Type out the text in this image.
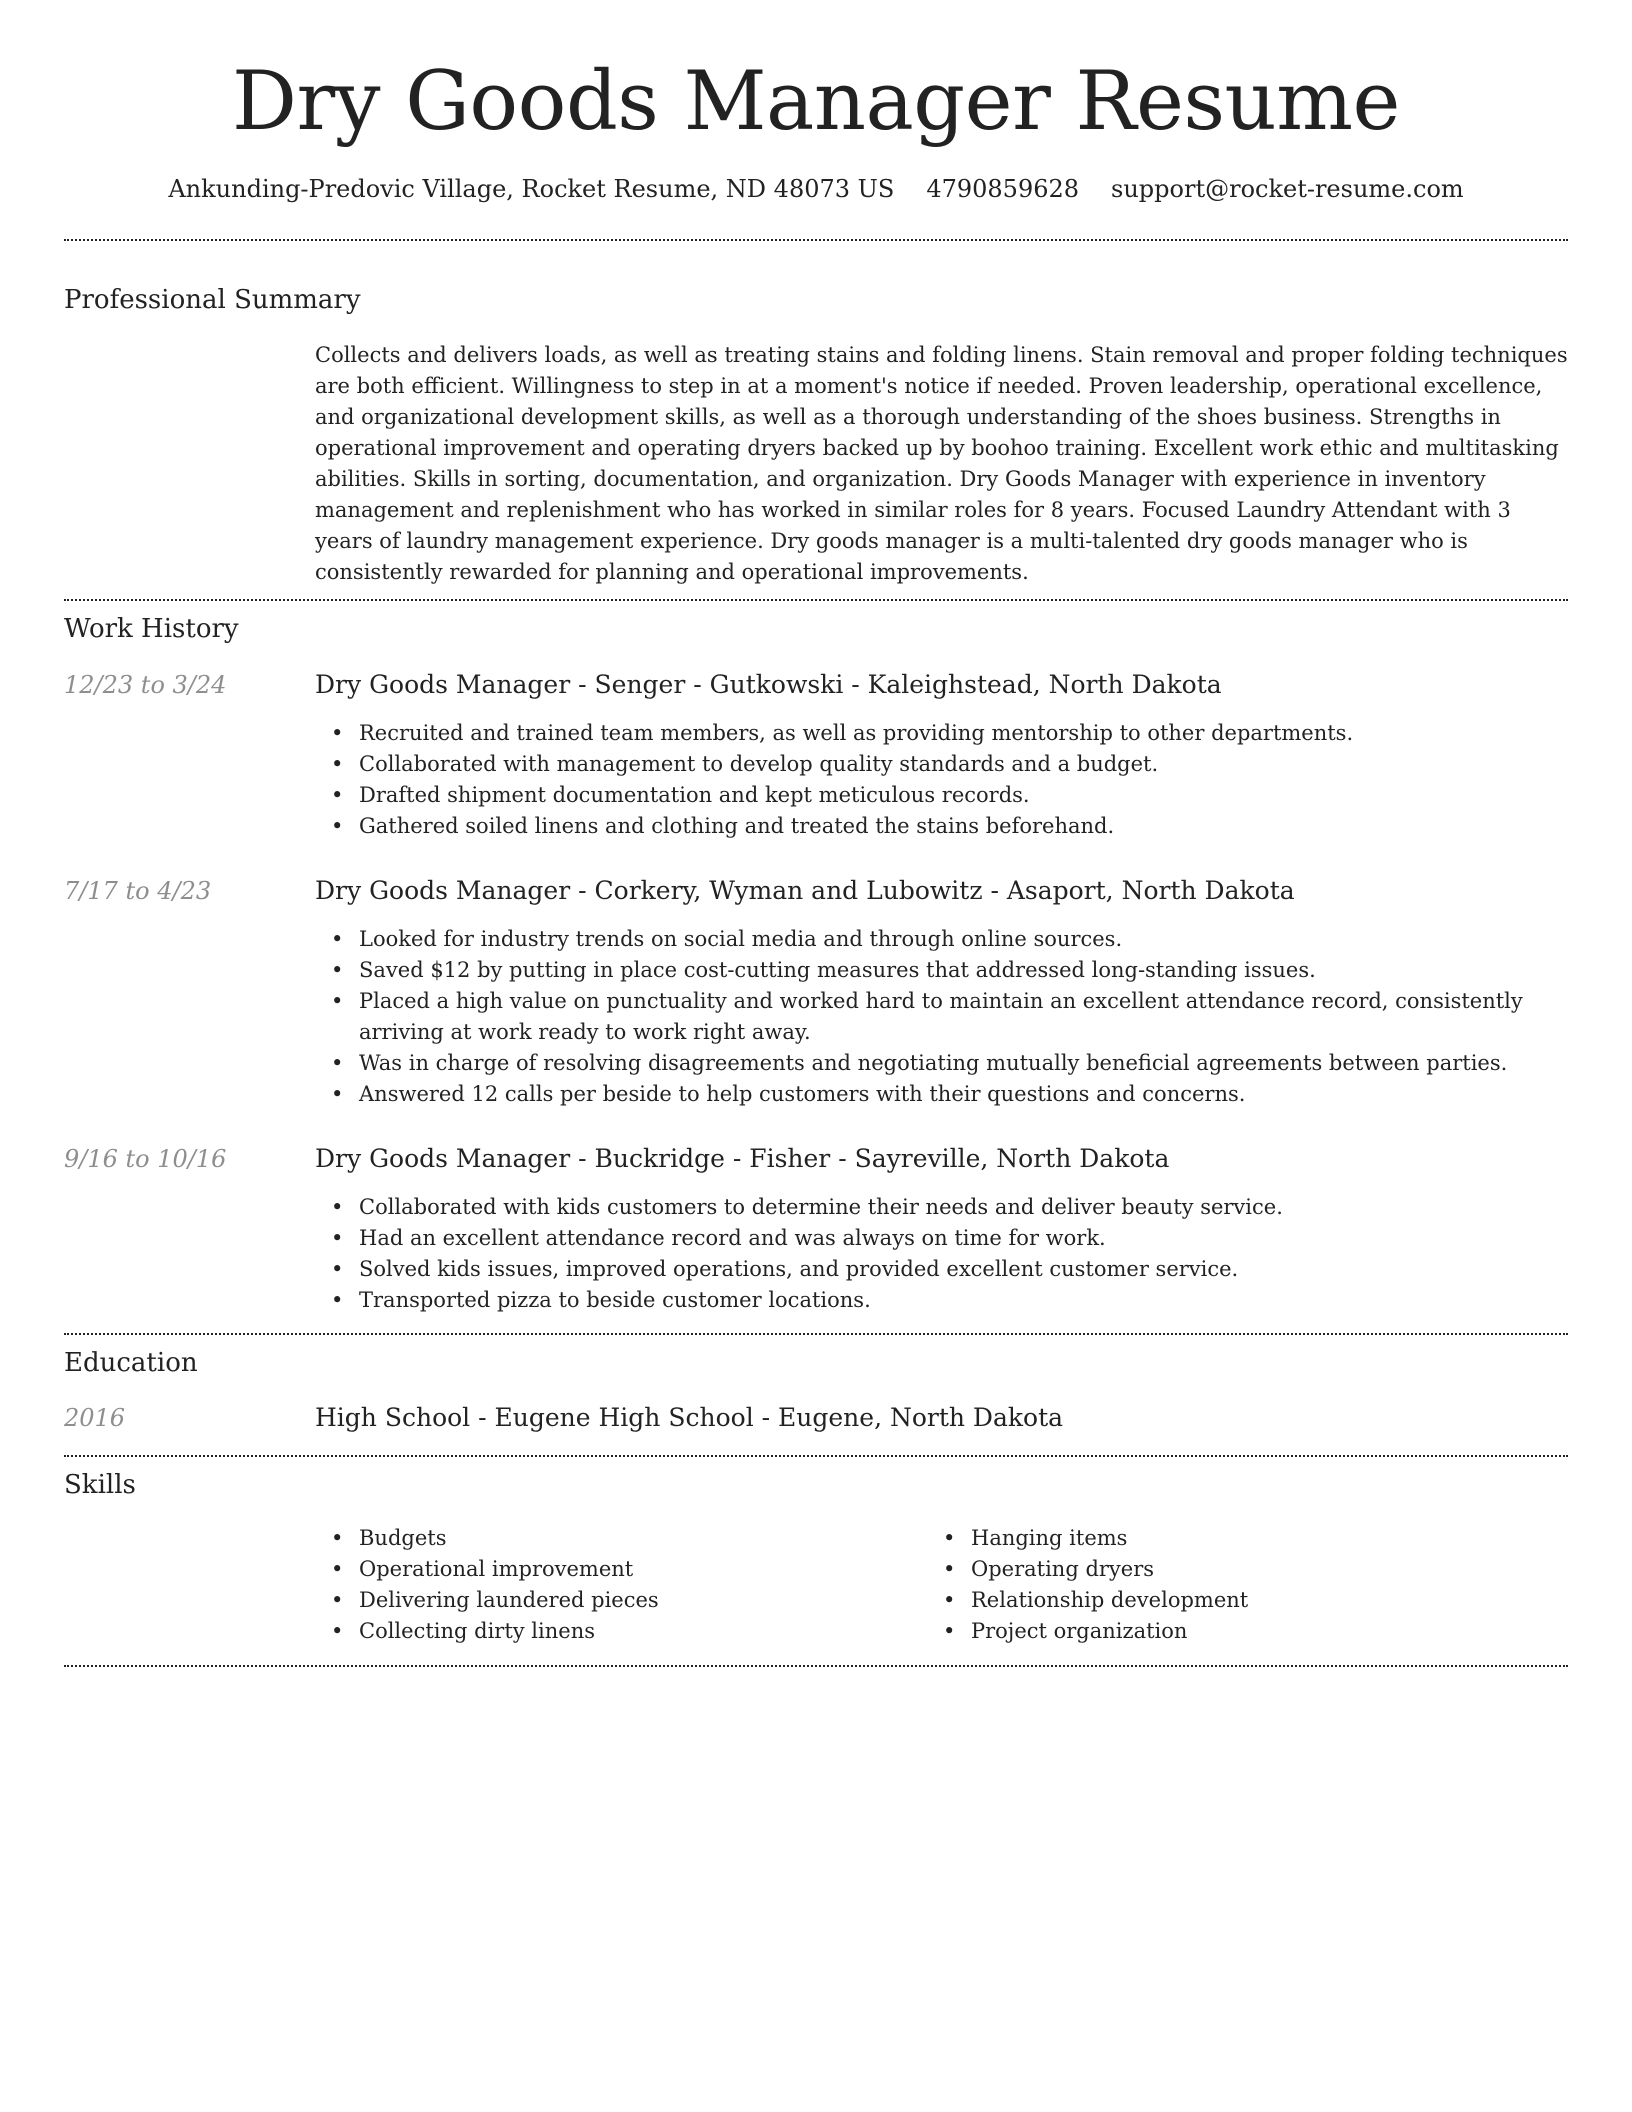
Dry Goods Manager Resume
Ankunding-Predovic Village, Rocket Resume, ND 48073 US 4790859628 support@rocket-resume.com
Professional Summary

Collects and delivers loads, as well as treating stains and folding linens. Stain removal and proper folding techniques are both efficient. Willingness to step in at a moment's notice if needed. Proven leadership, operational excellence, and organizational development skills, as well as a thorough understanding of the shoes business. Strengths in operational improvement and operating dryers backed up by boohoo training. Excellent work ethic and multitasking abilities. Skills in sorting, documentation, and organization. Dry Goods Manager with experience in inventory management and replenishment who has worked in similar roles for 8 years. Focused Laundry Attendant with 3 years of laundry management experience. Dry goods manager is a multi-talented dry goods manager who is consistently rewarded for planning and operational improvements.

Work History
12/23 to 3/24	Dry Goods Manager - Senger - Gutkowski - Kaleighstead, North Dakota
• Recruited and trained team members, as well as providing mentorship to other departments.
• Collaborated with management to develop quality standards and a budget.
• Drafted shipment documentation and kept meticulous records.
• Gathered soiled linens and clothing and treated the stains beforehand.
7/17 to 4/23	Dry Goods Manager - Corkery, Wyman and Lubowitz - Asaport, North Dakota
• Looked for industry trends on social media and through online sources.
• Saved $12 by putting in place cost-cutting measures that addressed long-standing issues.
• Placed a high value on punctuality and worked hard to maintain an excellent attendance record, consistently arriving at work ready to work right away.
• Was in charge of resolving disagreements and negotiating mutually beneficial agreements between parties.
• Answered 12 calls per beside to help customers with their questions and concerns.
9/16 to 10/16	Dry Goods Manager - Buckridge - Fisher - Sayreville, North Dakota
• Collaborated with kids customers to determine their needs and deliver beauty service.
• Had an excellent attendance record and was always on time for work.
• Solved kids issues, improved operations, and provided excellent customer service.
• Transported pizza to beside customer locations.
Education
2016	High School - Eugene High School - Eugene, North Dakota
Skills
• Budgets
• Operational improvement
• Delivering laundered pieces
• Collecting dirty linens
• Hanging items
• Operating dryers
• Relationship development
• Project organization
